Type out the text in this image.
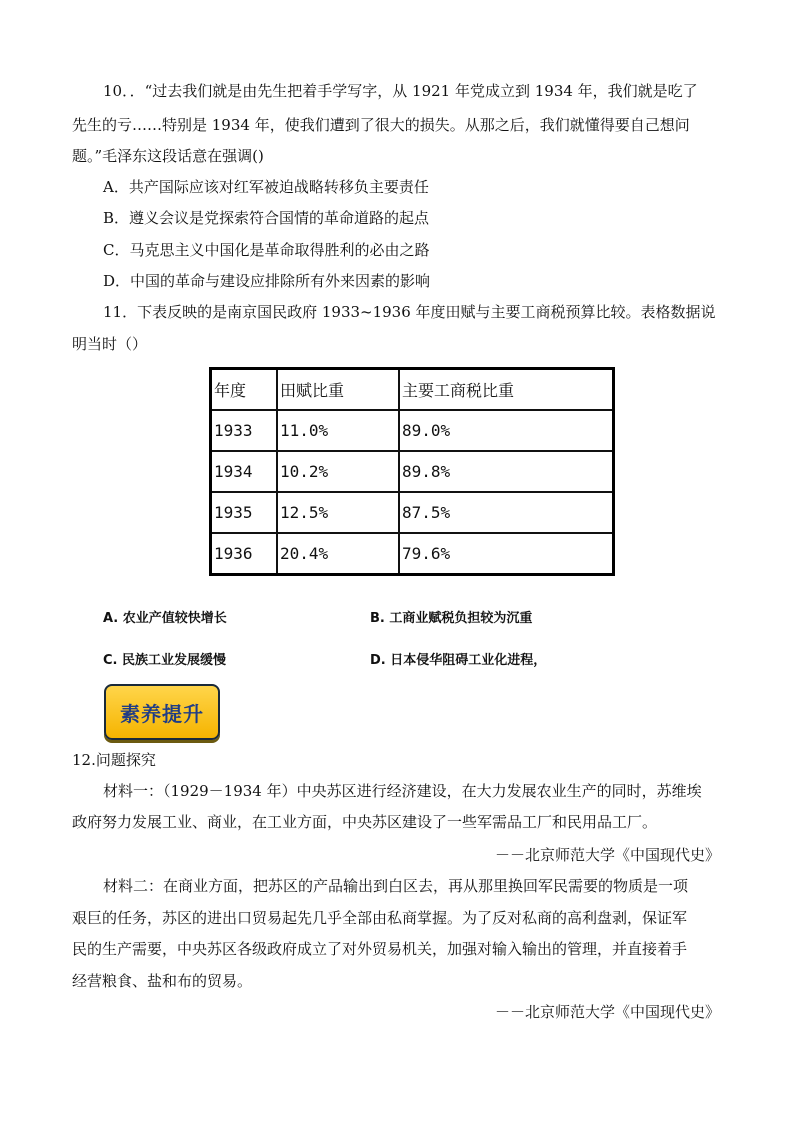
10．．“过去我们就是由先生把着手学写字，从 1921 年党成立到 1934 年，我们就是吃了
先生的亏……特别是 1934 年，使我们遭到了很大的损失。从那之后，我们就懂得要自己想问
题。”毛泽东这段话意在强调()
A．共产国际应该对红军被迫战略转移负主要责任
B．遵义会议是党探索符合国情的革命道路的起点
C．马克思主义中国化是革命取得胜利的必由之路
D．中国的革命与建设应排除所有外来因素的影响
11．下表反映的是南京国民政府 1933~1936 年度田赋与主要工商税预算比较。表格数据说
明当时（）
年度	田赋比重	主要工商税比重
1933	11.0%	89.0%
1934	10.2%	89.8%
1935	12.5%	87.5%
1936	20.4%	79.6%
A. 农业产值较快增长	B. 工商业赋税负担较为沉重
C. 民族工业发展缓慢	D. 日本侵华阻碍工业化进程，
素养提升
12.问题探究
材料一：（1929－1934 年）中央苏区进行经济建设，在大力发展农业生产的同时，苏维埃
政府努力发展工业、商业，在工业方面，中央苏区建设了一些军需品工厂和民用品工厂。
－－北京师范大学《中国现代史》
材料二：在商业方面，把苏区的产品输出到白区去，再从那里换回军民需要的物质是一项
艰巨的任务，苏区的进出口贸易起先几乎全部由私商掌握。为了反对私商的高利盘剥，保证军
民的生产需要，中央苏区各级政府成立了对外贸易机关，加强对输入输出的管理，并直接着手
经营粮食、盐和布的贸易。
－－北京师范大学《中国现代史》
